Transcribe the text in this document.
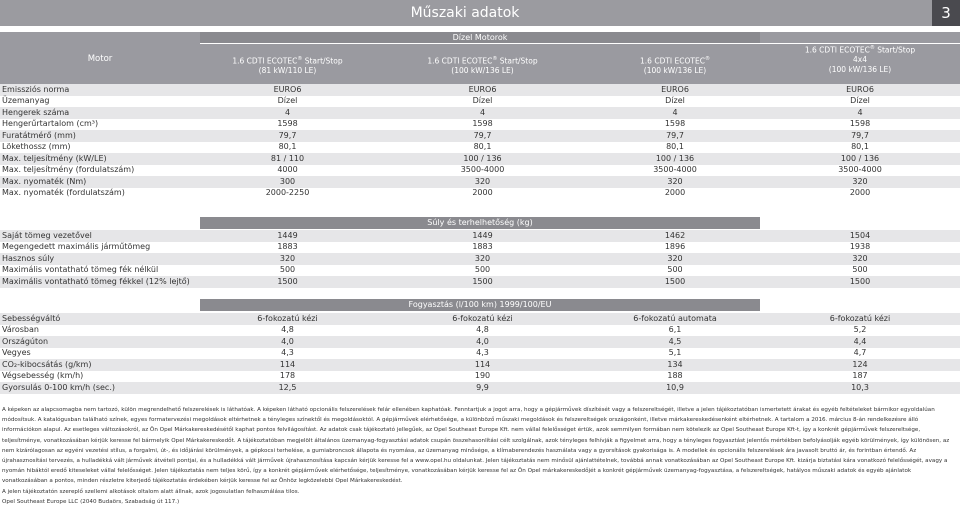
Műszaki adatok	3
Dízel Motorok
Motor	1.6 CDTI ECOTEC® Start/Stop
(81 kW/110 LE)
1.6 CDTI ECOTEC® Start/Stop
(100 kW/136 LE)
1.6 CDTI ECOTEC®
(100 kW/136 LE)
1.6 CDTI ECOTEC® Start/Stop
4x4
(100 kW/136 LE)
Emissziós norma	EURO6	EURO6	EURO6	EURO6
Üzemanyag	Dízel	Dízel	Dízel	Dízel
Hengerek száma	4	4	4	4
Hengerűrtartalom (cm³)	1598	1598	1598	1598
Furatátmérő (mm)	79,7	79,7	79,7	79,7
Lökethossz (mm)	80,1	80,1	80,1	80,1
Max. teljesítmény (kW/LE)	81 / 110	100 / 136	100 / 136	100 / 136
Max. teljesítmény (fordulatszám)	4000	3500-4000	3500-4000	3500-4000
Max. nyomaték (Nm)	300	320	320	320
Max. nyomaték (fordulatszám)	2000-2250	2000	2000	2000
Súly és terhelhetőség (kg)
Saját tömeg vezetővel	1449	1449	1462	1504
Megengedett maximális járműtömeg	1883	1883	1896	1938
Hasznos súly	320	320	320	320
Maximális vontatható tömeg fék nélkül	500	500	500	500
Maximális vontatható tömeg fékkel (12% lejtő)	1500	1500	1500	1500
Fogyasztás (l/100 km) 1999/100/EU
Sebességváltó	6-fokozatú kézi	6-fokozatú kézi	6-fokozatú automata	6-fokozatú kézi
Városban	4,8	4,8	6,1	5,2
Országúton	4,0	4,0	4,5	4,4
Vegyes	4,3	4,3	5,1	4,7
CO₂-kibocsátás (g/km)	114	114	134	124
Végsebesség (km/h)	178	190	188	187
Gyorsulás 0-100 km/h (sec.)	12,5	9,9	10,9	10,3

A képeken az alapcsomagba nem tartozó, külön megrendelhető felszerelések is láthatóak. A képeken látható opcionális felszerelések felár ellenében kaphatóak. Fenntartjuk a jogot arra, hogy a gépjárművek díszítését vagy a felszereltségét, illetve a jelen tájékoztatóban ismertetett árakat és egyéb feltételeket bármikor egyoldalúan módosítsuk. A katalógusban található színek, egyes formatervezési megoldások eltérhetnek a tényleges színektől és megoldásoktól. A gépjárművek elérhetősége, a különböző műszaki megoldások és felszereltségek országonként, illetve márkakereskedésenként eltérhetnek. A tartalom a 2016. március 8-án rendelkezésre álló információkon alapul. Az esetleges változásokról, az Ön Opel Márkakereskedésétől kaphat pontos felvilágosítást. Az adatok csak tájékoztató jellegűek, az Opel Southeast Europe Kft. nem vállal felelősséget értük, azok semmilyen formában nem kötelezik az Opel Southeast Europe Kft-t, így a konkrét gépjárművek felszereltsége, teljesítménye, vonatkozásában kérjük keresse fel bármelyik Opel Márkakereskedőt. A tájékoztatóban megjelölt általános üzemanyag-fogyasztási adatok csupán összehasonlítási célt szolgálnak, azok tényleges felhívják a figyelmet arra, hogy a tényleges fogyasztást jelentős mértékben befolyásolják egyéb körülmények, így különösen, az nem kizárólagosan az egyéni vezetési stílus, a forgalmi, út-, és időjárási körülmények, a gépkocsi terhelése, a gumiabroncsok állapota és nyomása, az üzemanyag minősége, a klímaberendezés használata vagy a gyorsítások gyakorisága is. A modellek és opcionális felszerelések ára javasolt bruttó ár, és forintban értendő. Az újrahasznosítási tervezés, a hulladékká vált járművek átvételi pontjai, és a hulladékká vált járművek újrahasznosítása kapcsán kérjük keresse fel a www.opel.hu oldalunkat. Jelen tájékoztatás nem minősül ajánlattételnek, továbbá annak vonatkozásában az Opel Southeast Europe Kft. kizárja biztatási kára vonatkozó felelősségét, avagy a nyomán hibáktól eredő kiteseleket vállal felelősséget. Jelen tájékoztatás nem teljes körű, így a konkrét gépjárművek elérhetősége, teljesítménye, vonatkozásában kérjük keresse fel az Ön Opel márkakereskedőjét a konkrét gépjárművek üzemanyag-fogyasztása, a felszereltségek, hatályos műszaki adatok és egyéb ajánlatok vonatkozásában a pontos, minden részletre kiterjedő tájékoztatás érdekében kérjük keresse fel az Önhöz legközelebbi Opel Márkakereskedést.

A jelen tájékoztatón szereplő szellemi alkotások oltalom alatt állnak, azok jogosulatlan felhasználása tilos.

Opel Southeast Europe LLC (2040 Budaörs, Szabadság út 117.)
